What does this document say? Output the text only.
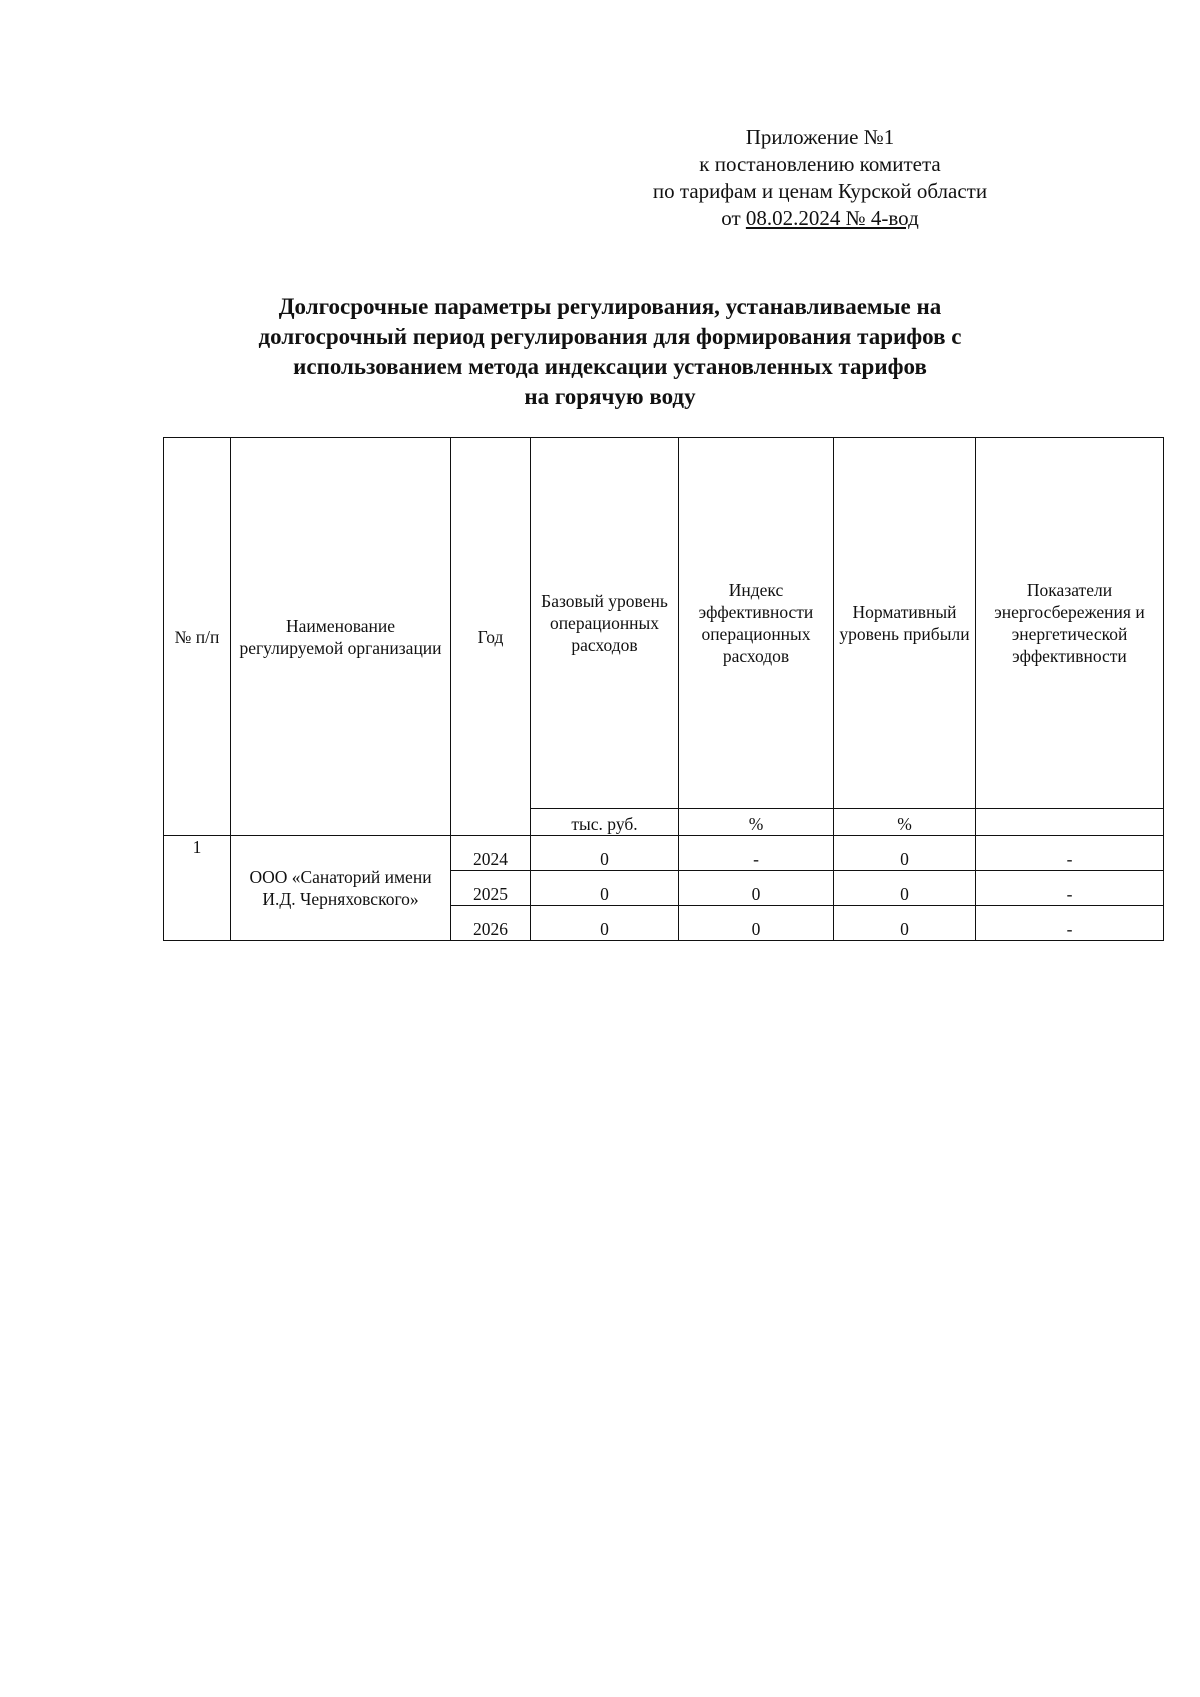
Приложение №1
к постановлению комитета
по тарифам и ценам Курской области
от 08.02.2024 № 4-вод
Долгосрочные параметры регулирования, устанавливаемые на
долгосрочный период регулирования для формирования тарифов с
использованием метода индексации установленных тарифов
на горячую воду
№ п/п	Наименование регулируемой организации	Год	Базовый уровень операционных расходов	Индекс эффективности операционных расходов	Нормативный уровень прибыли	Показатели энергосбережения и энергетической эффективности
			тыс. руб.	%	%	
1	ООО «Санаторий имени И.Д. Черняховского»	2024	0	-	0	-
		2025	0	0	0	-
		2026	0	0	0	-
